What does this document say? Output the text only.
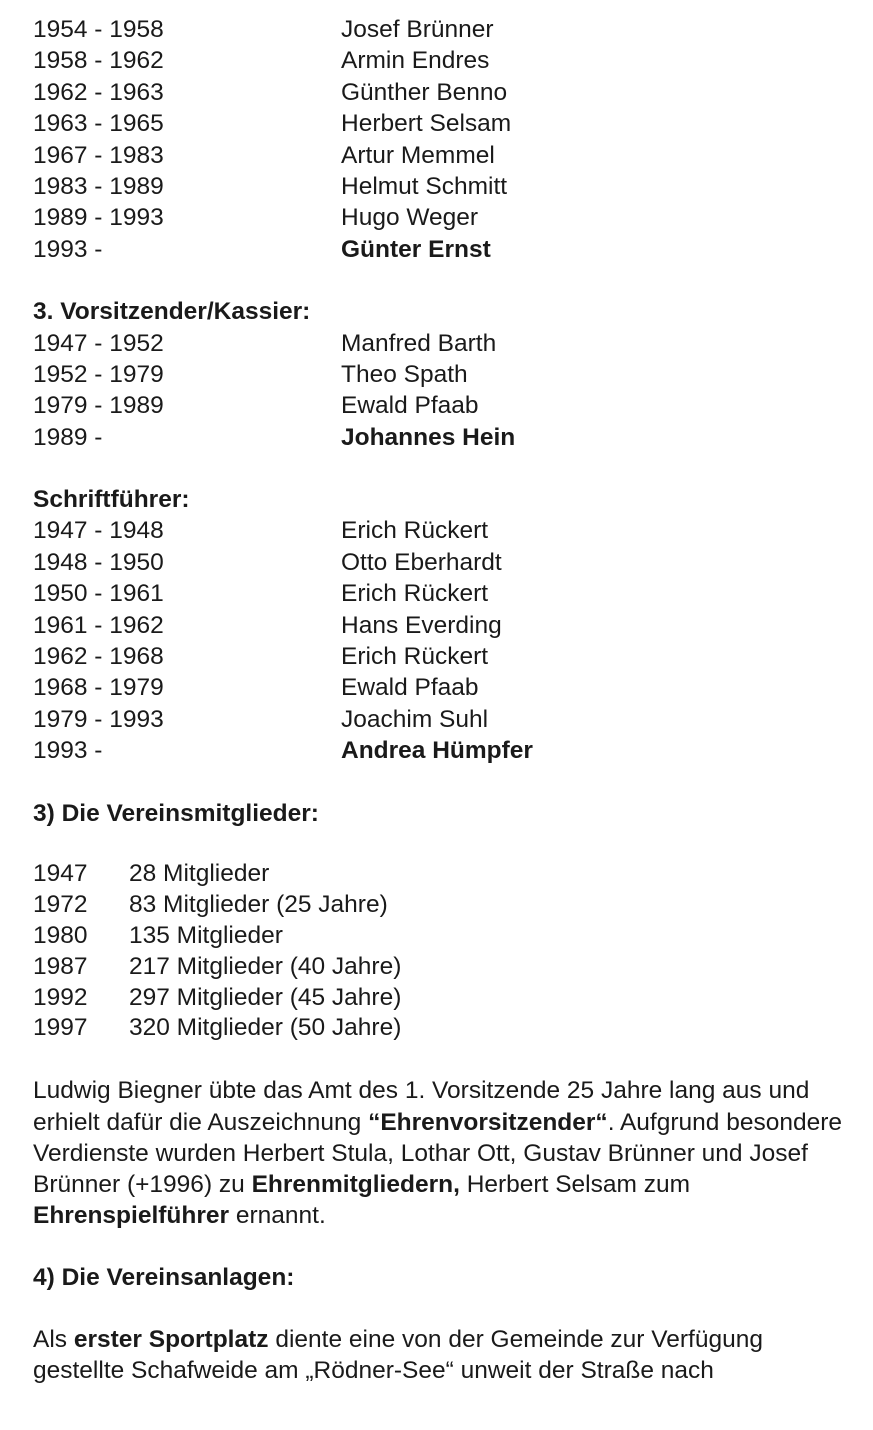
1954 - 1958	Josef Brünner
1958 - 1962	Armin Endres
1962 - 1963	Günther Benno
1963 - 1965	Herbert Selsam
1967 - 1983	Artur Memmel
1983 - 1989	Helmut Schmitt
1989 - 1993	Hugo Weger
1993 -	Günter Ernst
3. Vorsitzender/Kassier:
1947 - 1952	Manfred Barth
1952 - 1979	Theo Spath
1979 - 1989	Ewald Pfaab
1989 -	Johannes Hein
Schriftführer:
1947 - 1948	Erich Rückert
1948 - 1950	Otto Eberhardt
1950 - 1961	Erich Rückert
1961 - 1962	Hans Everding
1962 - 1968	Erich Rückert
1968 - 1979	Ewald Pfaab
1979 - 1993	Joachim Suhl
1993 -	Andrea Hümpfer
3) Die Vereinsmitglieder:
1947 28 Mitglieder
1972 83 Mitglieder (25 Jahre)
1980 135 Mitglieder
1987 217 Mitglieder (40 Jahre)
1992 297 Mitglieder (45 Jahre)
1997 320 Mitglieder (50 Jahre)

Ludwig Biegner übte das Amt des 1. Vorsitzende 25 Jahre lang aus und erhielt dafür die Auszeichnung “Ehrenvorsitzender“. Aufgrund besondere Verdienste wurden Herbert Stula, Lothar Ott, Gustav Brünner und Josef Brünner (+1996) zu Ehrenmitgliedern, Herbert Selsam zum Ehrenspielführer ernannt.

4) Die Vereinsanlagen:

Als erster Sportplatz diente eine von der Gemeinde zur Verfügung gestellte Schafweide am „Rödner-See“ unweit der Straße nach
